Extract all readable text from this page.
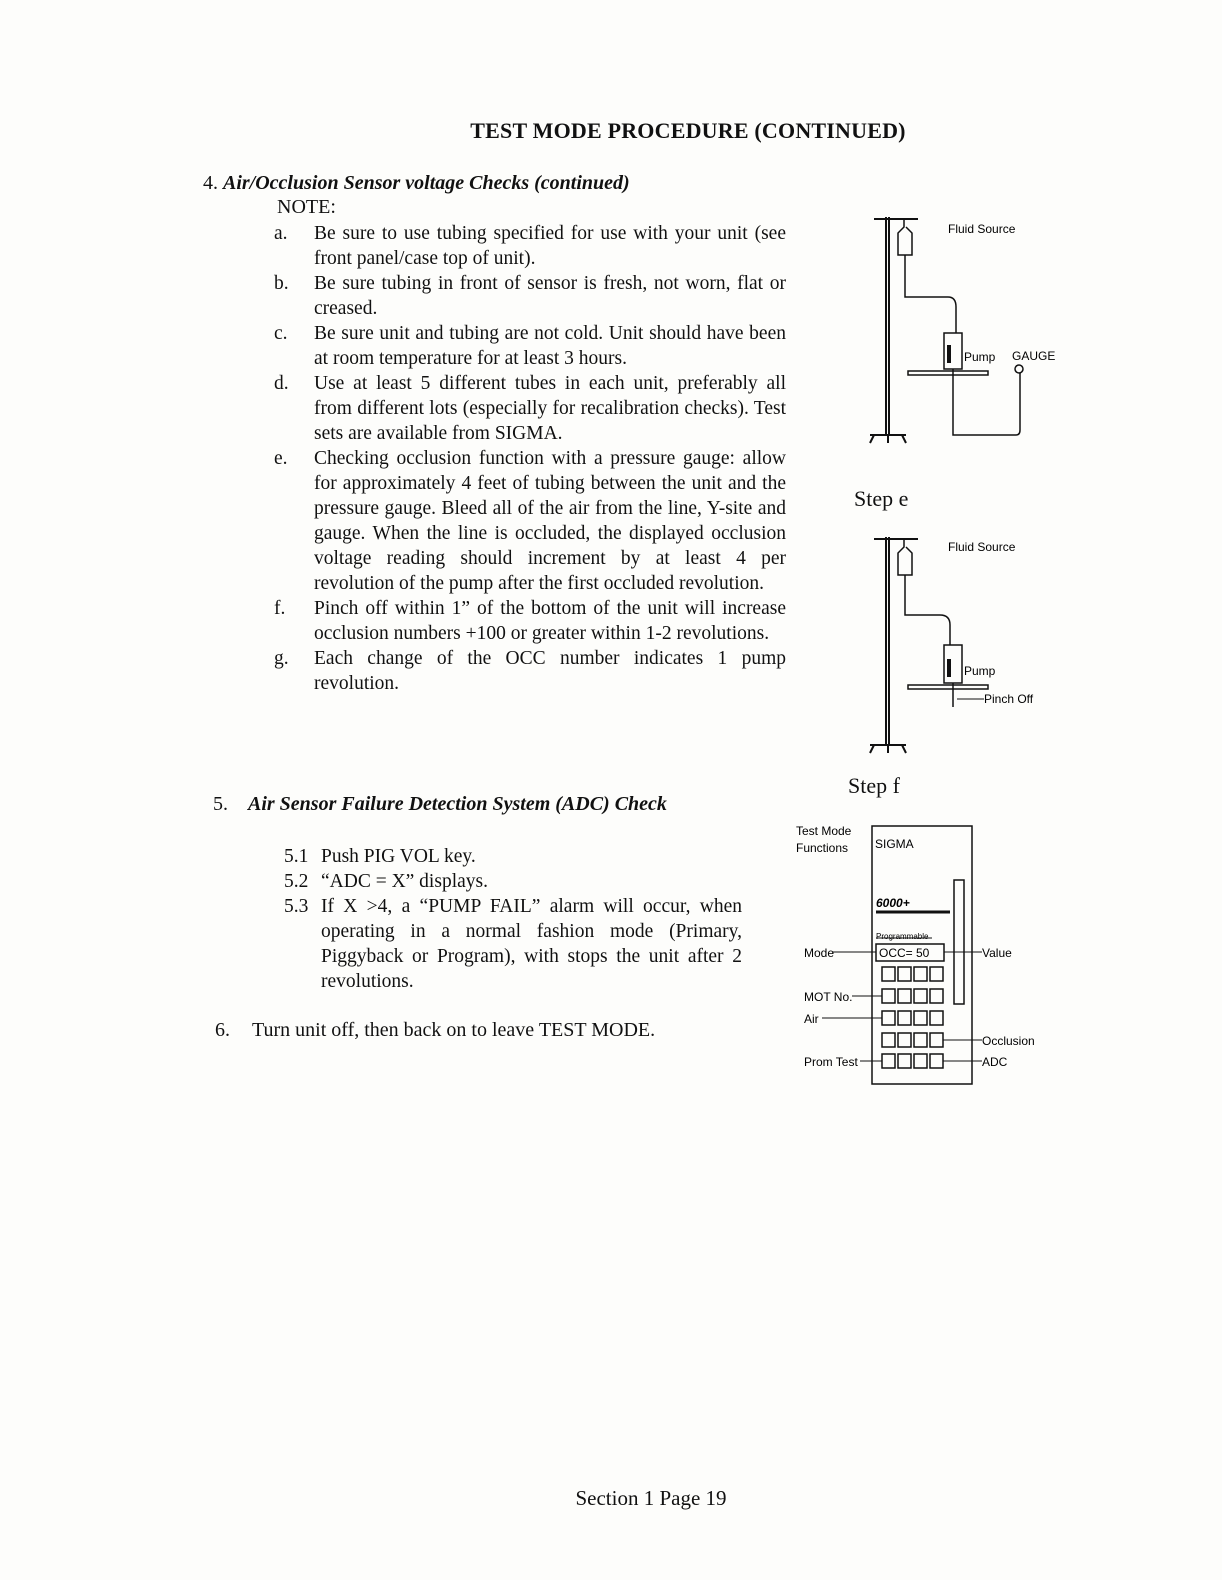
TEST MODE PROCEDURE (CONTINUED)
4. Air/Occlusion Sensor voltage Checks (continued)
NOTE:
a.	Be sure to use tubing specified for use with your unit (see front panel/case top of unit).
b.	Be sure tubing in front of sensor is fresh, not worn, flat or creased.
c.	Be sure unit and tubing are not cold. Unit should have been at room temperature for at least 3 hours.
d.	Use at least 5 different tubes in each unit, preferably all from different lots (especially for recalibration checks). Test sets are available from SIGMA.
e.	Checking occlusion function with a pressure gauge: allow for approximately 4 feet of tubing between the unit and the pressure gauge. Bleed all of the air from the line, Y-site and gauge. When the line is occluded, the displayed occlusion voltage reading should increment by at least 4 per revolution of the pump after the first occluded revolution.
f.	Pinch off within 1” of the bottom of the unit will increase occlusion numbers +100 or greater within 1-2 revolutions.
g.	Each change of the OCC number indicates 1 pump revolution.
5. Air Sensor Failure Detection System (ADC) Check
5.1 Push PIG VOL key.
5.2 “ADC = X” displays.
5.3 If X >4, a “PUMP FAIL” alarm will occur, when operating in a normal fashion mode (Primary, Piggyback or Program), with stops the unit after 2 revolutions.
6. Turn unit off, then back on to leave TEST MODE.
Fluid Source
Pump GAUGE
Step e
Fluid Source
Pump
Pinch Off
Step f
Test Mode
Functions SIGMA
6000+
Programmable
OCC= 50
Mode	Value
MOT No.
Air
Occlusion
Prom Test	ADC
Section 1 Page 19
